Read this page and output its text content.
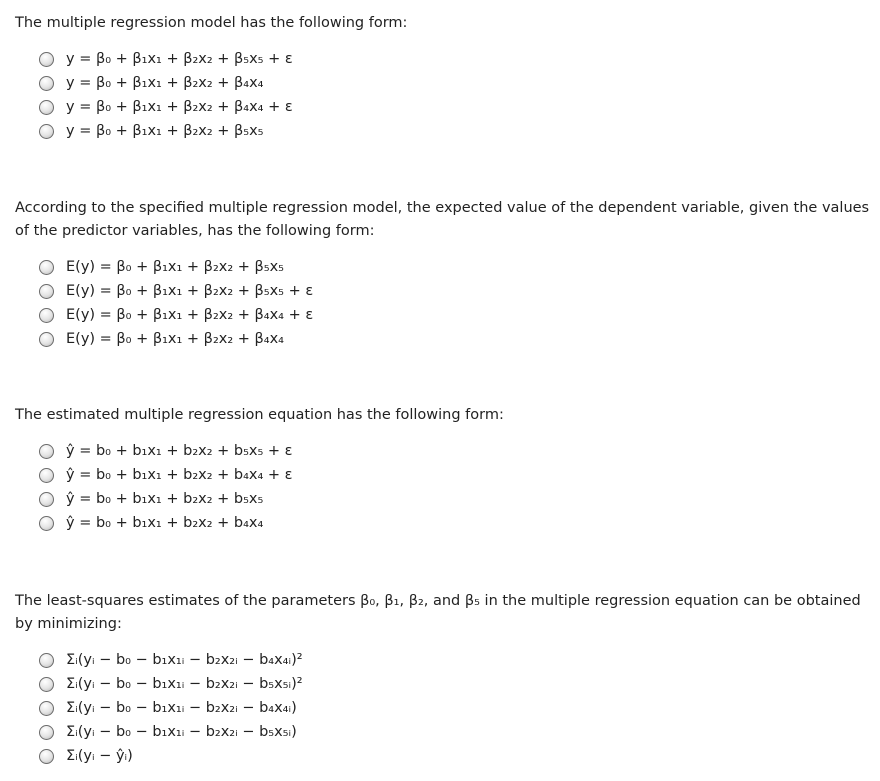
The multiple regression model has the following form:
y = β₀ + β₁x₁ + β₂x₂ + β₅x₅ + ε
y = β₀ + β₁x₁ + β₂x₂ + β₄x₄
y = β₀ + β₁x₁ + β₂x₂ + β₄x₄ + ε
y = β₀ + β₁x₁ + β₂x₂ + β₅x₅
According to the specified multiple regression model, the expected value of the dependent variable, given the values of the predictor variables, has the following form:
E(y) = β₀ + β₁x₁ + β₂x₂ + β₅x₅
E(y) = β₀ + β₁x₁ + β₂x₂ + β₅x₅ + ε
E(y) = β₀ + β₁x₁ + β₂x₂ + β₄x₄ + ε
E(y) = β₀ + β₁x₁ + β₂x₂ + β₄x₄
The estimated multiple regression equation has the following form:
ŷ = b₀ + b₁x₁ + b₂x₂ + b₅x₅ + ε
ŷ = b₀ + b₁x₁ + b₂x₂ + b₄x₄ + ε
ŷ = b₀ + b₁x₁ + b₂x₂ + b₅x₅
ŷ = b₀ + b₁x₁ + b₂x₂ + b₄x₄
The least-squares estimates of the parameters β₀, β₁, β₂, and β₅ in the multiple regression equation can be obtained by minimizing:
Σᵢ(yᵢ − b₀ − b₁x₁ᵢ − b₂x₂ᵢ − b₄x₄ᵢ)²
Σᵢ(yᵢ − b₀ − b₁x₁ᵢ − b₂x₂ᵢ − b₅x₅ᵢ)²
Σᵢ(yᵢ − b₀ − b₁x₁ᵢ − b₂x₂ᵢ − b₄x₄ᵢ)
Σᵢ(yᵢ − b₀ − b₁x₁ᵢ − b₂x₂ᵢ − b₅x₅ᵢ)
Σᵢ(yᵢ − ŷᵢ)
